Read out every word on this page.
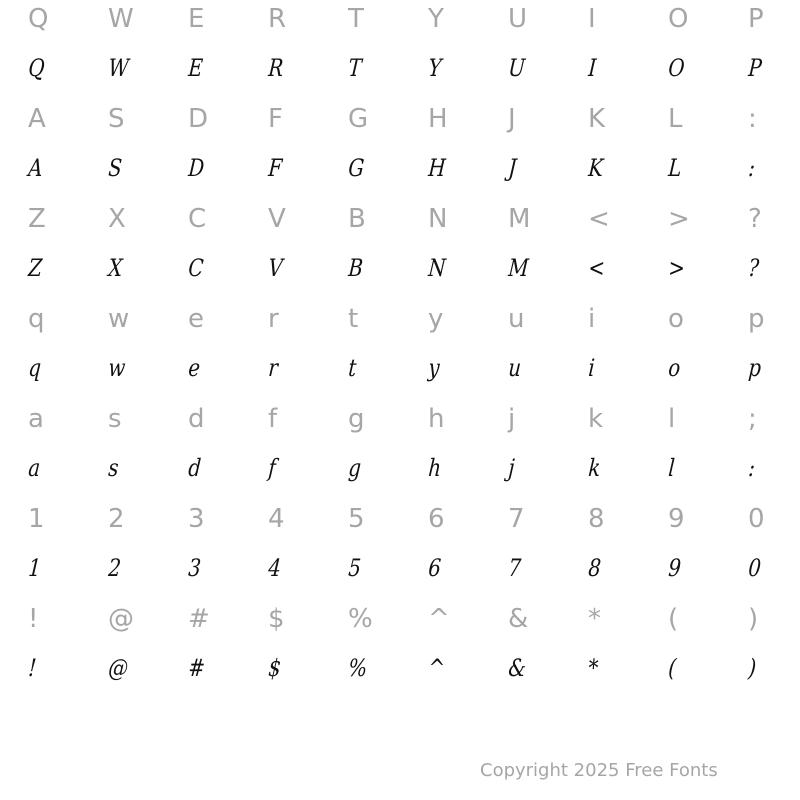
Q	W	E	R	T	Y	U	I	O	P
Q	W	E	R	T	Y	U	I	O	P
A	S	D	F	G	H	J	K	L	:
A	S	D	F	G	H	J	K	L	:
Z	X	C	V	B	N	M	<	>	?
Z	X	C	V	B	N	M	<	>	?
q	w	e	r	t	y	u	i	o	p
q	w	e	r	t	y	u	i	o	p
a	s	d	f	g	h	j	k	l	;
a	s	d	f	g	h	j	k	l	:
1	2	3	4	5	6	7	8	9	0
1	2	3	4	5	6	7	8	9	0
!	@	#	$	%	^	&	*	(	)
!	@	#	$	%	^	&	*	(	)
Copyright 2025 Free Fonts
